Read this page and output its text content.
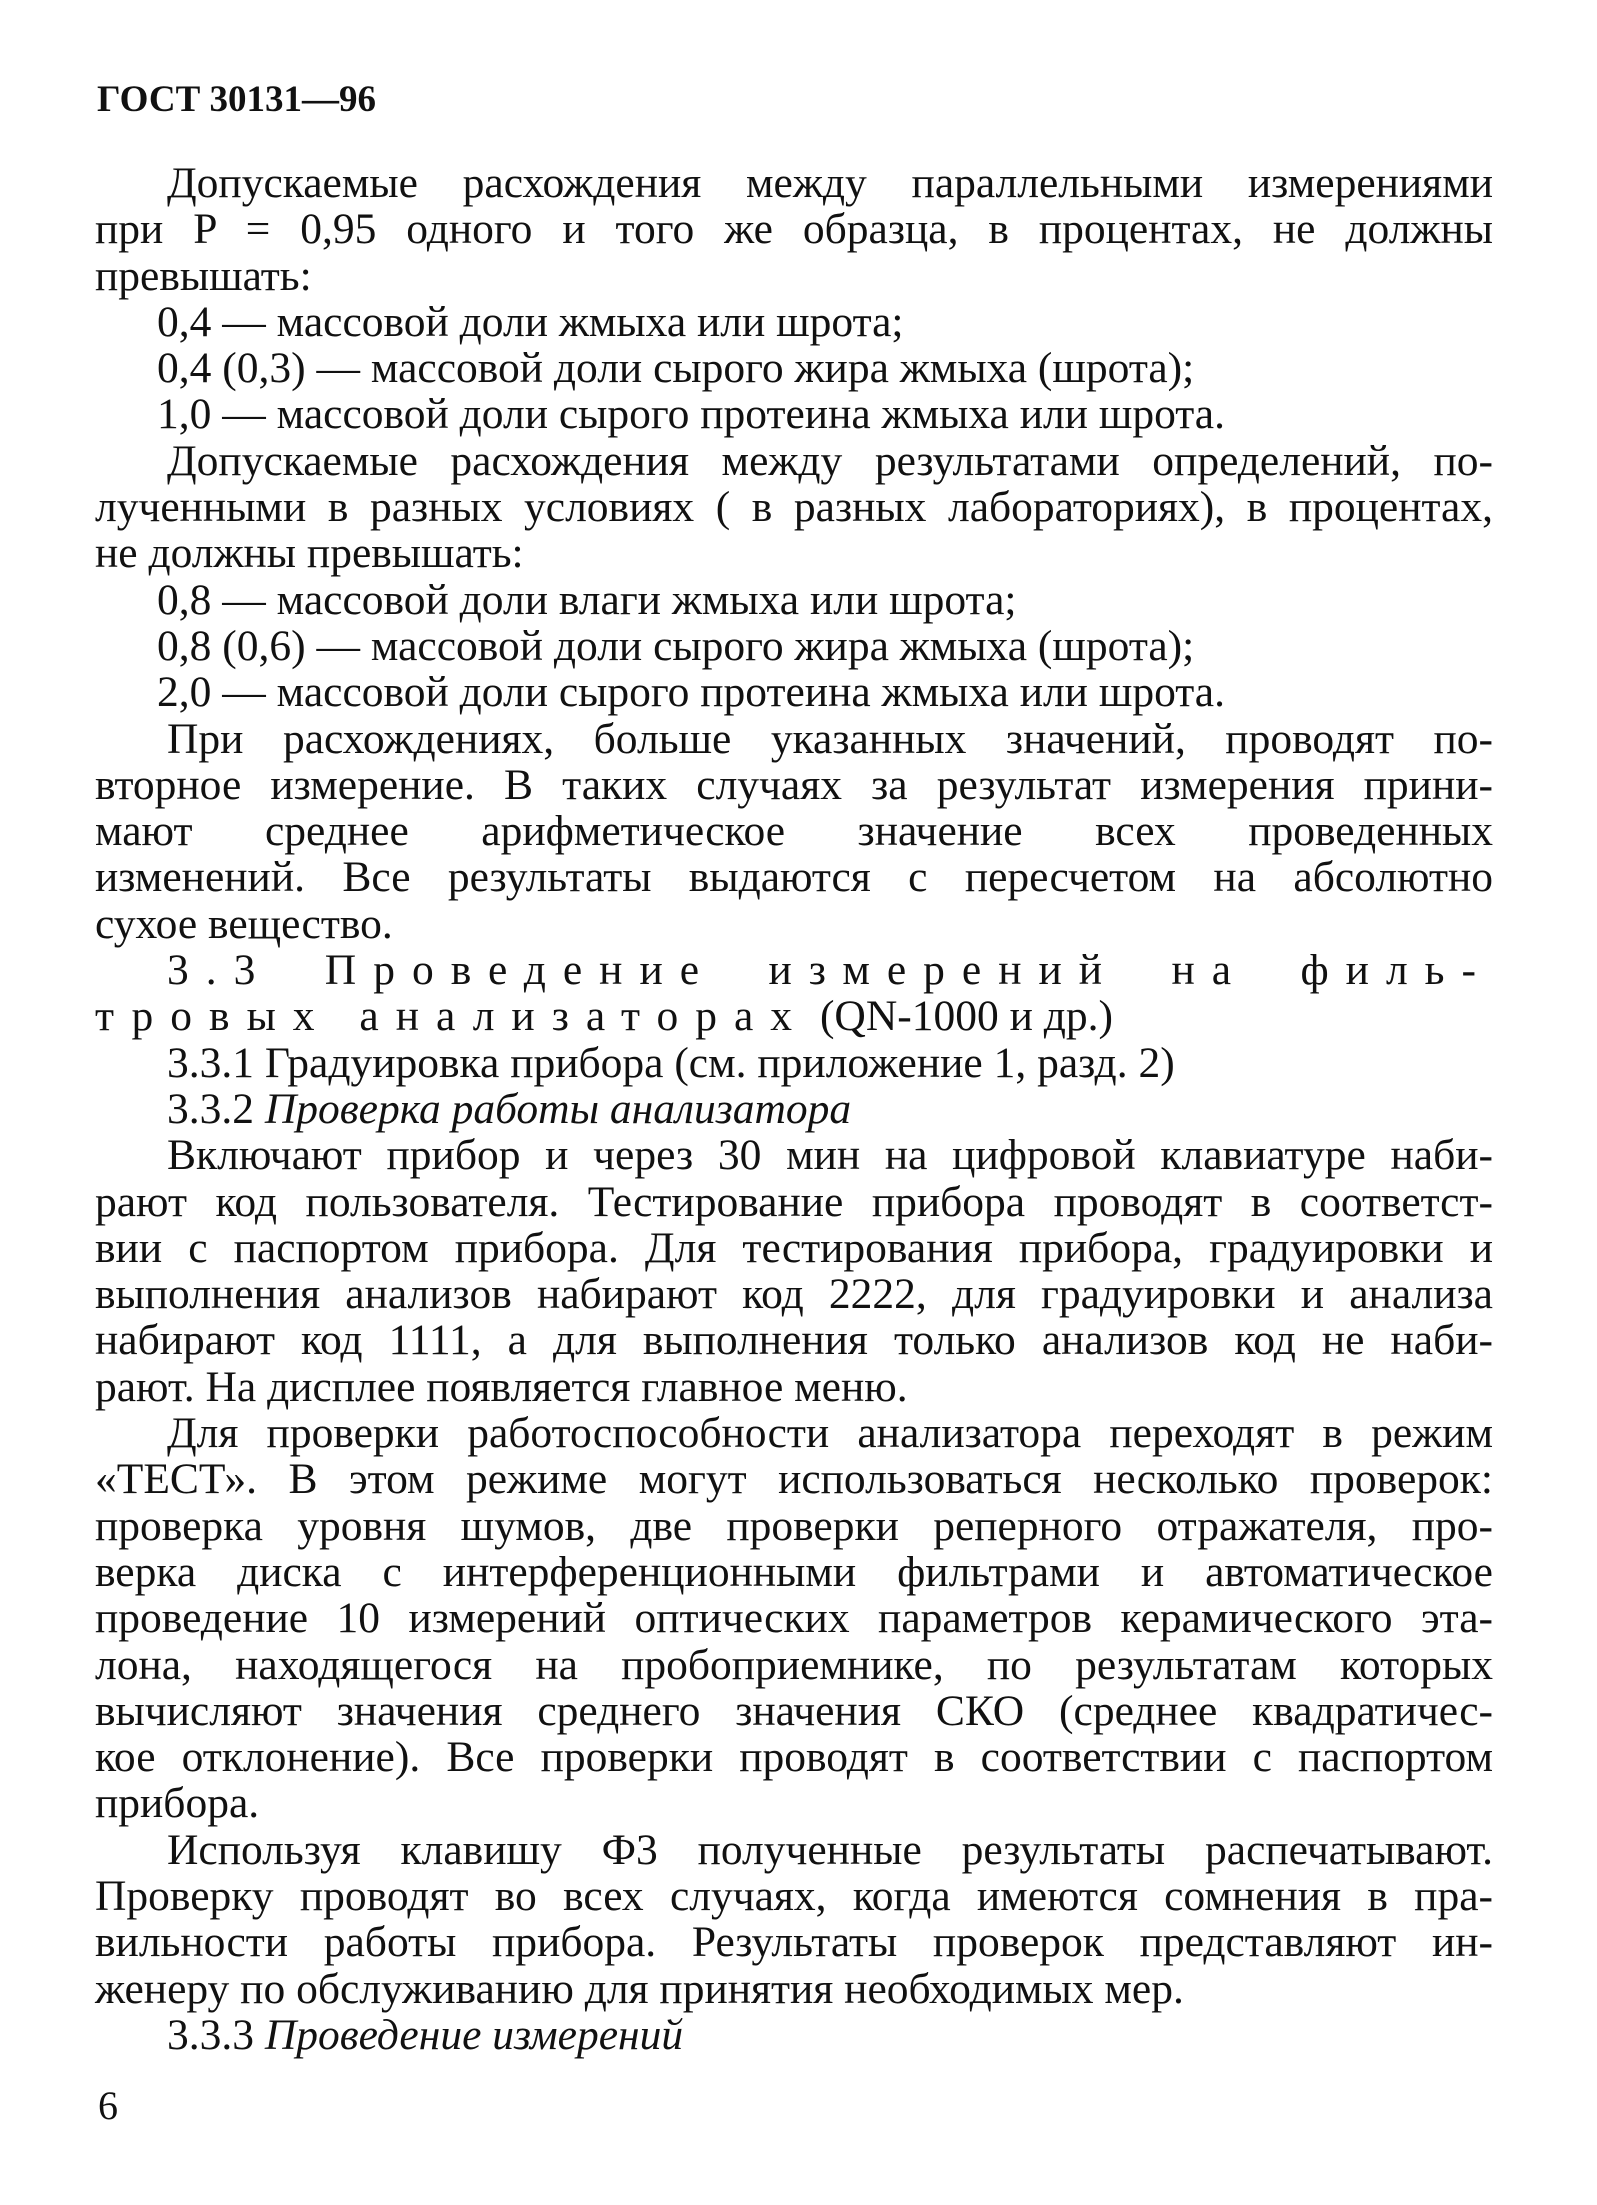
ГОСТ 30131—96
Допускаемые расхождения между параллельными измерениями
при P = 0,95 одного и того же образца, в процентах, не должны
превышать:
0,4 — массовой доли жмыха или шрота;
0,4 (0,3) — массовой доли сырого жира жмыха (шрота);
1,0 — массовой доли сырого протеина жмыха или шрота.
Допускаемые расхождения между результатами определений, по-
лученными в разных условиях ( в разных лабораториях), в процентах,
не должны превышать:
0,8 — массовой доли влаги жмыха или шрота;
0,8 (0,6) — массовой доли сырого жира жмыха (шрота);
2,0 — массовой доли сырого протеина жмыха или шрота.
При расхождениях, больше указанных значений, проводят по-
вторное измерение. В таких случаях за результат измерения прини-
мают среднее арифметическое значение всех проведенных
изменений. Все результаты выдаются с пересчетом на абсолютно
сухое вещество.
3.3 Проведение измерений на филь-
тровых анализаторах (QN-1000 и др.)
3.3.1 Градуировка прибора (см. приложение 1, разд. 2)
3.3.2 Проверка работы анализатора
Включают прибор и через 30 мин на цифровой клавиатуре наби-
рают код пользователя. Тестирование прибора проводят в соответст-
вии с паспортом прибора. Для тестирования прибора, градуировки и
выполнения анализов набирают код 2222, для градуировки и анализа
набирают код 1111, а для выполнения только анализов код не наби-
рают. На дисплее появляется главное меню.
Для проверки работоспособности анализатора переходят в режим
«ТЕСТ». В этом режиме могут использоваться несколько проверок:
проверка уровня шумов, две проверки реперного отражателя, про-
верка диска с интерференционными фильтрами и автоматическое
проведение 10 измерений оптических параметров керамического эта-
лона, находящегося на пробоприемнике, по результатам которых
вычисляют значения среднего значения СКО (среднее квадратичес-
кое отклонение). Все проверки проводят в соответствии с паспортом
прибора.
Используя клавишу Ф3 полученные результаты распечатывают.
Проверку проводят во всех случаях, когда имеются сомнения в пра-
вильности работы прибора. Результаты проверок представляют ин-
женеру по обслуживанию для принятия необходимых мер.
3.3.3 Проведение измерений
6
